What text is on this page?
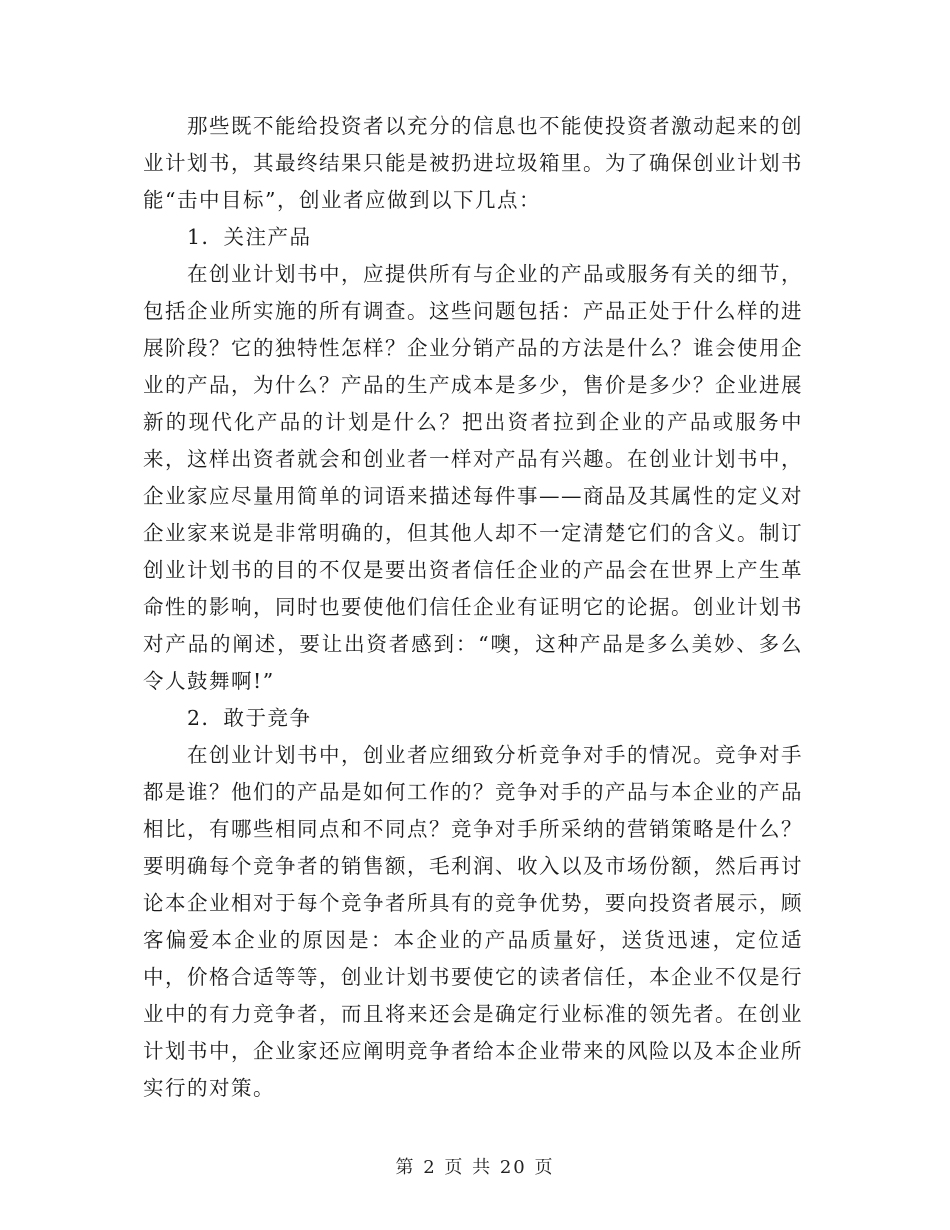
那些既不能给投资者以充分的信息也不能使投资者激动起来的创业计划书，其最终结果只能是被扔进垃圾箱里。为了确保创业计划书能“击中目标”，创业者应做到以下几点：

1．关注产品

在创业计划书中，应提供所有与企业的产品或服务有关的细节，包括企业所实施的所有调查。这些问题包括：产品正处于什么样的进展阶段？它的独特性怎样？企业分销产品的方法是什么？谁会使用企业的产品，为什么？产品的生产成本是多少，售价是多少？企业进展新的现代化产品的计划是什么？把出资者拉到企业的产品或服务中来，这样出资者就会和创业者一样对产品有兴趣。在创业计划书中，企业家应尽量用简单的词语来描述每件事——商品及其属性的定义对企业家来说是非常明确的，但其他人却不一定清楚它们的含义。制订创业计划书的目的不仅是要出资者信任企业的产品会在世界上产生革命性的影响，同时也要使他们信任企业有证明它的论据。创业计划书对产品的阐述，要让出资者感到：“噢，这种产品是多么美妙、多么令人鼓舞啊!”

2．敢于竞争

在创业计划书中，创业者应细致分析竞争对手的情况。竞争对手都是谁？他们的产品是如何工作的？竞争对手的产品与本企业的产品相比，有哪些相同点和不同点？竞争对手所采纳的营销策略是什么？要明确每个竞争者的销售额，毛利润、收入以及市场份额，然后再讨论本企业相对于每个竞争者所具有的竞争优势，要向投资者展示，顾客偏爱本企业的原因是：本企业的产品质量好，送货迅速，定位适中，价格合适等等，创业计划书要使它的读者信任，本企业不仅是行业中的有力竞争者，而且将来还会是确定行业标准的领先者。在创业计划书中，企业家还应阐明竞争者给本企业带来的风险以及本企业所实行的对策。

第 2 页 共 20 页
